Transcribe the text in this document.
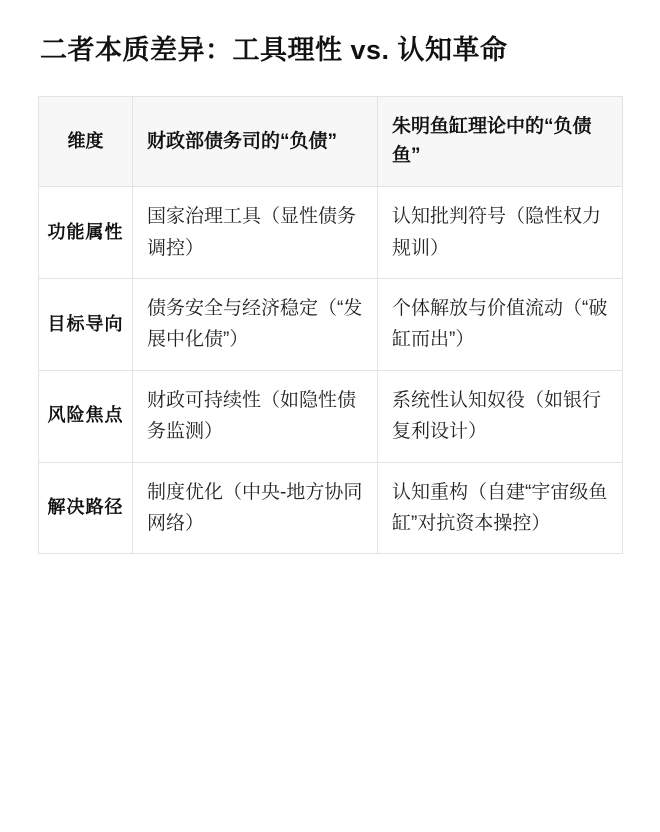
二者本质差异：工具理性 vs. 认知革命
维度	财政部债务司的“负债”	朱明鱼缸理论中的“负债鱼”
功能属性	国家治理工具（显性债务调控）	认知批判符号（隐性权力规训）
目标导向	债务安全与经济稳定（“发展中化债”）	个体解放与价值流动（“破缸而出”）
风险焦点	财政可持续性（如隐性债务监测）	系统性认知奴役（如银行复利设计）
解决路径	制度优化（中央-地方协同网络）	认知重构（自建“宇宙级鱼缸”对抗资本操控）
